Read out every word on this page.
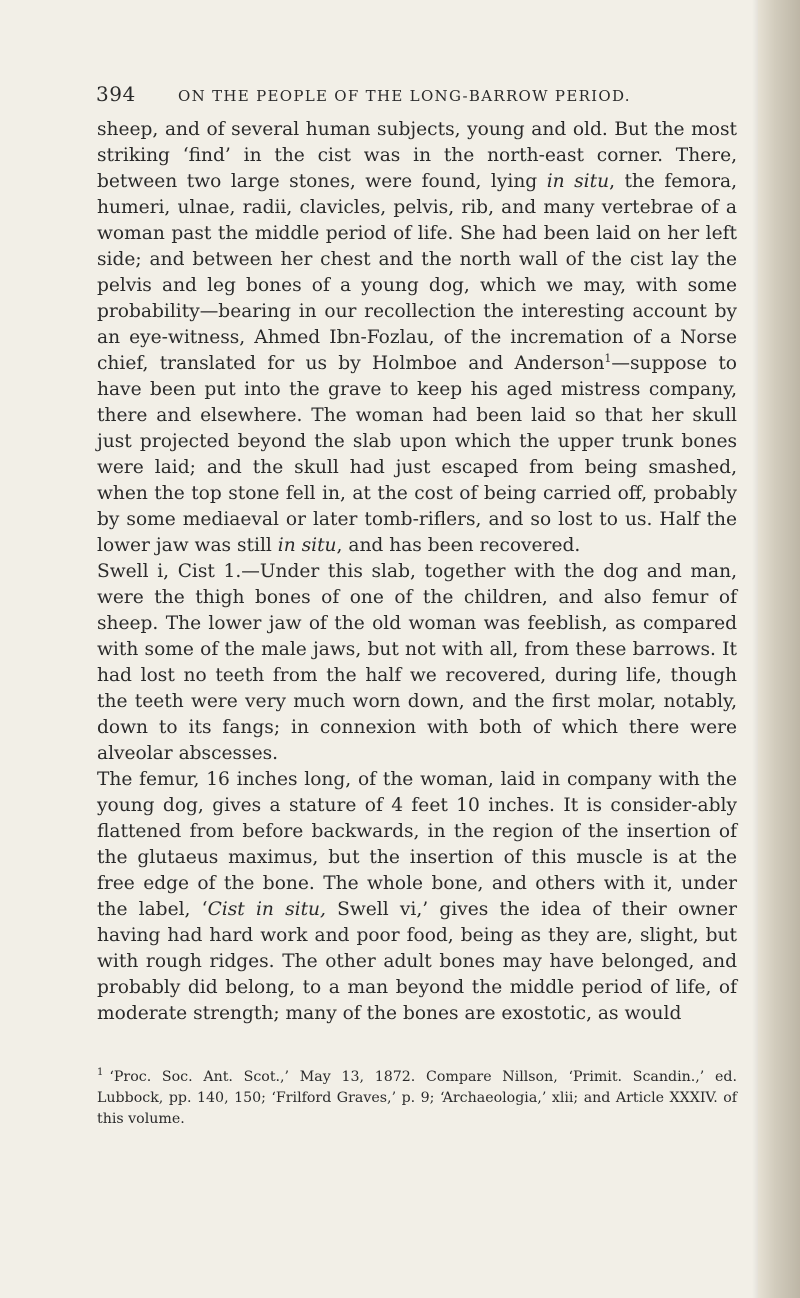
394	ON THE PEOPLE OF THE LONG-BARROW PERIOD.

sheep, and of several human subjects, young and old. But the most striking ‘find’ in the cist was in the north-east corner. There, between two large stones, were found, lying in situ, the femora, humeri, ulnae, radii, clavicles, pelvis, rib, and many vertebrae of a woman past the middle period of life. She had been laid on her left side; and between her chest and the north wall of the cist lay the pelvis and leg bones of a young dog, which we may, with some probability—bearing in our recollection the interesting account by an eye-witness, Ahmed Ibn-Fozlau, of the incremation of a Norse chief, translated for us by Holmboe and Anderson$^1$—suppose to have been put into the grave to keep his aged mistress company, there and elsewhere. The woman had been laid so that her skull just projected beyond the slab upon which the upper trunk bones were laid; and the skull had just escaped from being smashed, when the top stone fell in, at the cost of being carried off, probably by some mediaeval or later tomb-riflers, and so lost to us. Half the lower jaw was still in situ, and has been recovered.

Swell i, Cist 1.—Under this slab, together with the dog and man, were the thigh bones of one of the children, and also femur of sheep. The lower jaw of the old woman was feeblish, as compared with some of the male jaws, but not with all, from these barrows. It had lost no teeth from the half we recovered, during life, though the teeth were very much worn down, and the first molar, notably, down to its fangs; in connexion with both of which there were alveolar abscesses.

The femur, 16 inches long, of the woman, laid in company with the young dog, gives a stature of 4 feet 10 inches. It is consider-ably flattened from before backwards, in the region of the insertion of the glutaeus maximus, but the insertion of this muscle is at the free edge of the bone. The whole bone, and others with it, under the label, ‘Cist in situ, Swell vi,’ gives the idea of their owner having had hard work and poor food, being as they are, slight, but with rough ridges. The other adult bones may have belonged, and probably did belong, to a man beyond the middle period of life, of moderate strength; many of the bones are exostotic, as would

$^1$ ‘Proc. Soc. Ant. Scot.,’ May 13, 1872. Compare Nillson, ‘Primit. Scandin.,’ ed. Lubbock, pp. 140, 150; ‘Frilford Graves,’ p. 9; ‘Archaeologia,’ xlii; and Article XXXIV. of this volume.
